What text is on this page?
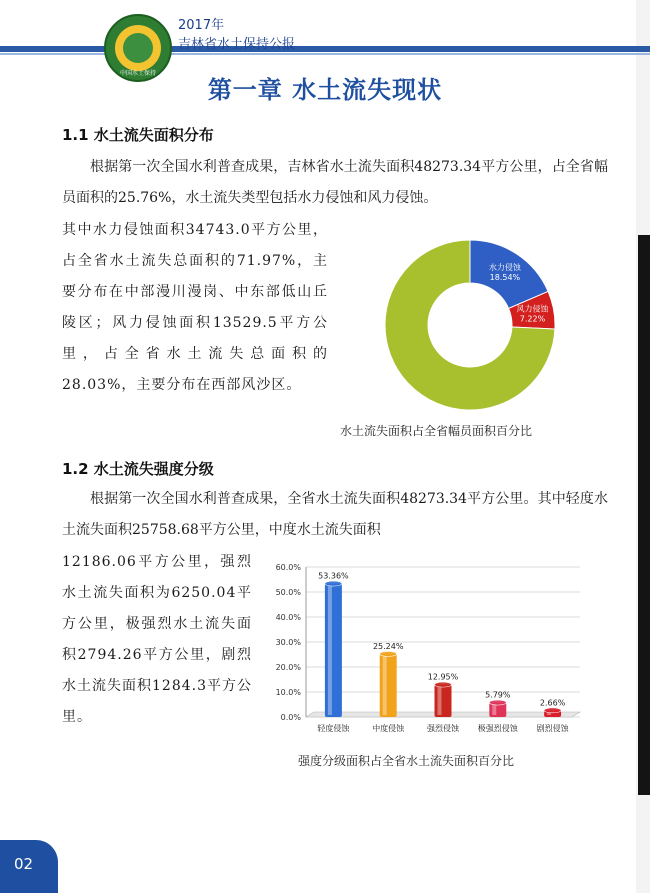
中国水土保持
2017年
吉林省水土保持公报
第一章 水土流失现状
1.1 水土流失面积分布

根据第一次全国水利普查成果，吉林省水土流失面积48273.34平方公里，占全省幅员面积的25.76%，水土流失类型包括水力侵蚀和风力侵蚀。

其中水力侵蚀面积34743.0平方公里，占全省水土流失总面积的71.97%，主要分布在中部漫川漫岗、中东部低山丘陵区；风力侵蚀面积13529.5平方公里，占全省水土流失总面积的28.03%，主要分布在西部风沙区。

水力侵蚀
18.54%
风力侵蚀
7.22%
水土流失面积占全省幅员面积百分比
1.2 水土流失强度分级

根据第一次全国水利普查成果，全省水土流失面积48273.34平方公里。其中轻度水土流失面积25758.68平方公里，中度水土流失面积

12186.06平方公里，强烈水土流失面积为6250.04平方公里，极强烈水土流失面积2794.26平方公里，剧烈水土流失面积1284.3平方公里。	0.0%
10.0%
20.0%
30.0%
40.0%
50.0%
60.0%
53.36%
轻度侵蚀
25.24%
中度侵蚀
12.95%
强烈侵蚀
5.79%
极强烈侵蚀
2.66%
剧烈侵蚀
强度分级面积占全省水土流失面积百分比
02
